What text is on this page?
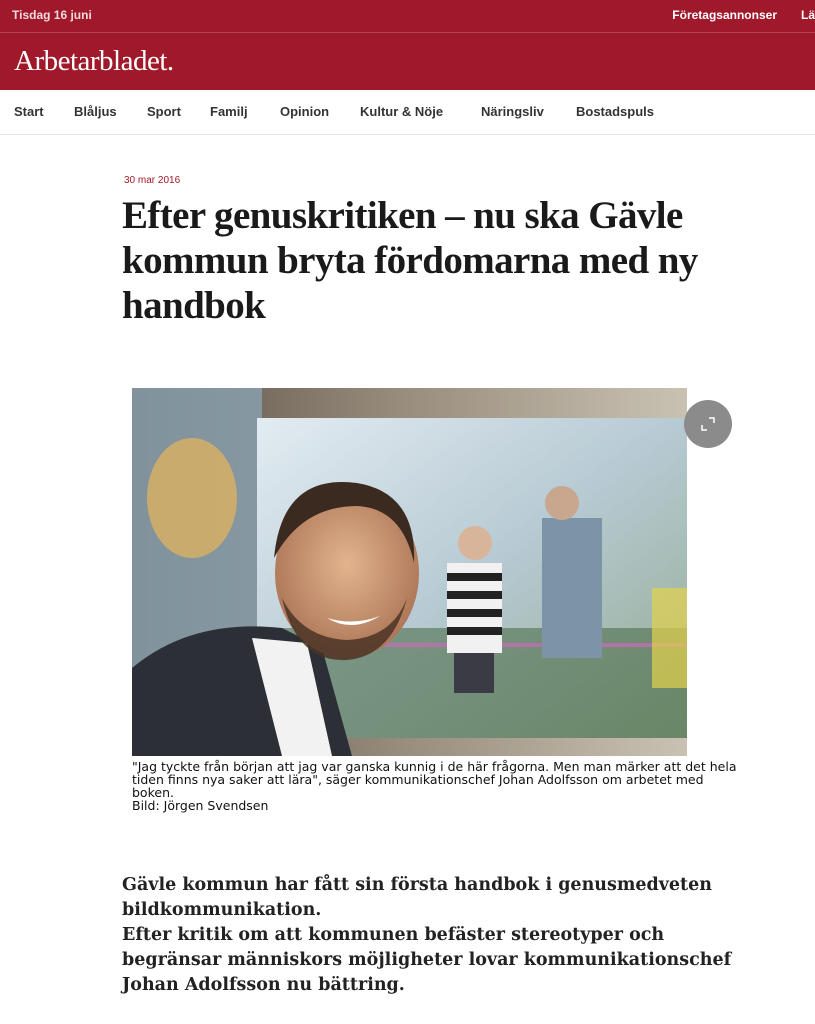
Tisdag 16 juni	Företagsannonser Lä
Arbetarbladet.
Start Blåljus Sport Familj Opinion Kultur & Nöje	Näringsliv Bostadspuls
30 mar 2016
Efter genuskritiken – nu ska Gävle kommun bryta fördomarna med ny handbok

"Jag tyckte från början att jag var ganska kunnig i de här frågorna. Men man märker att det hela tiden finns nya saker att lära", säger kommunikationschef Johan Adolfsson om arbetet med boken.

Bild: Jörgen Svendsen

Gävle kommun har fått sin första handbok i genusmedveten bildkommunikation.

Efter kritik om att kommunen befäster stereotyper och begränsar människors möjligheter lovar kommunikationschef Johan Adolfsson nu bättring.
